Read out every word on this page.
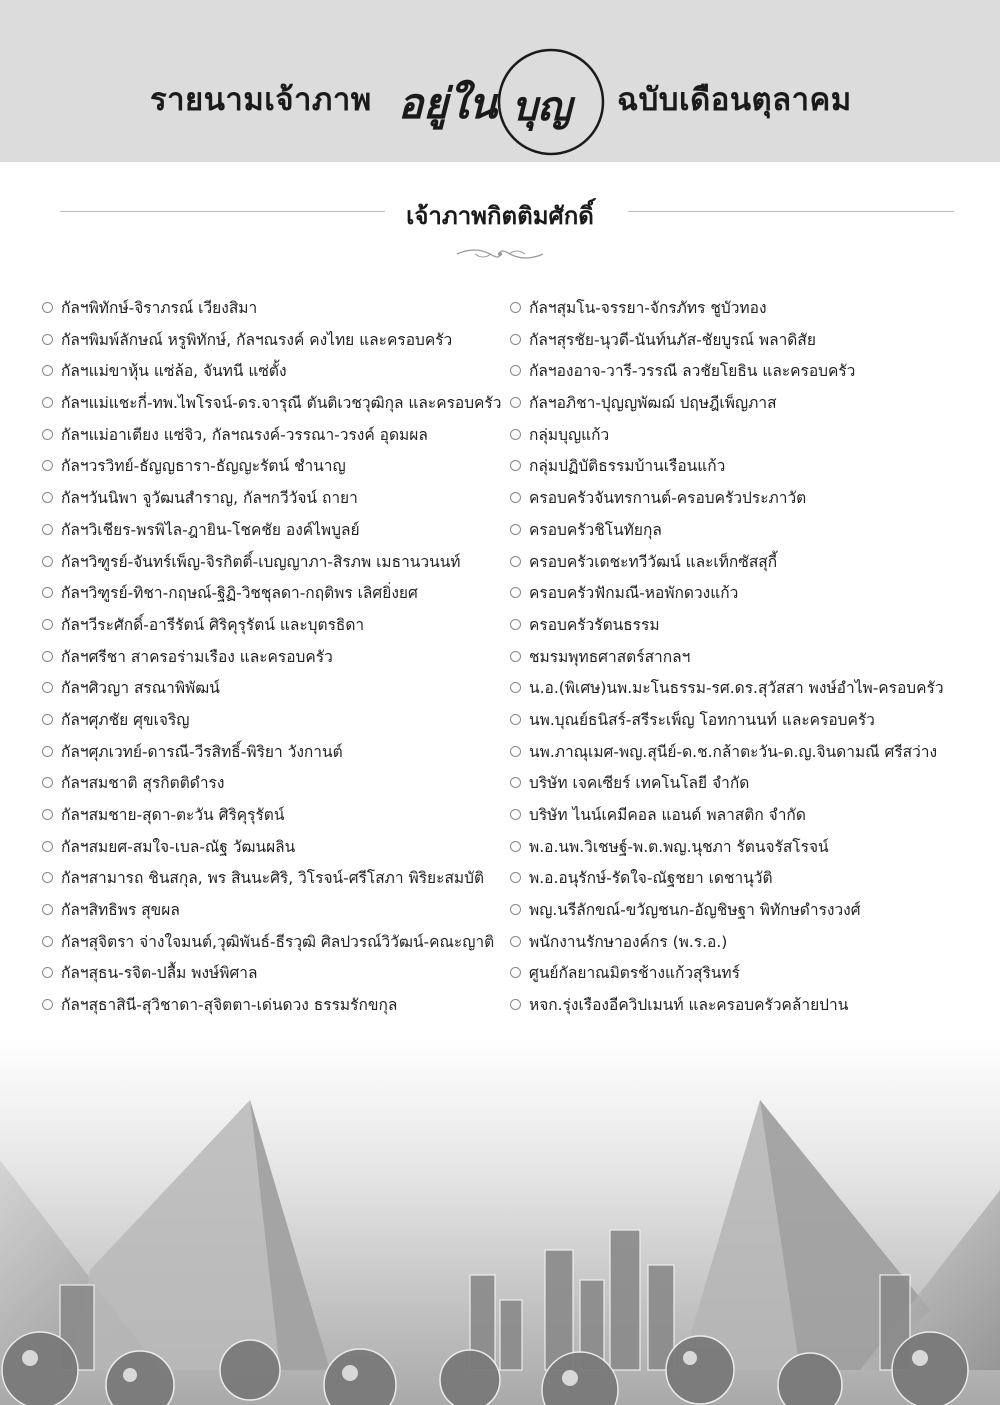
รายนามเจ้าภาพ อยู่ใน บุญ ฉบับเดือนตุลาคม
เจ้าภาพกิตติมศักดิ์
กัลฯพิทักษ์-จิราภรณ์ เวียงสิมา
กัลฯพิมพ์ลักษณ์ หรูพิทักษ์, กัลฯณรงค์ คงไทย และครอบครัว
กัลฯแม่ขาหุ้น แซ่ล้อ, จันทนี แซ่ตั้ง
กัลฯแม่แชะกี่-ทพ.ไพโรจน์-ดร.จารุณี ตันติเวชวุฒิกุล และครอบครัว
กัลฯแม่อาเตียง แซ่จิว, กัลฯณรงค์-วรรณา-วรงค์ อุดมผล
กัลฯวรวิทย์-ธัญญธารา-ธัญญะรัตน์ ชำนาญ
กัลฯวันนิพา จูวัฒนสำราญ, กัลฯกวีวัจน์ ถายา
กัลฯวิเชียร-พรพิไล-ฎายิน-โชคชัย องค์ไพบูลย์
กัลฯวิฑูรย์-จันทร์เพ็ญ-จิรกิตติ์-เบญญาภา-สิรภพ เมธานวนนท์
กัลฯวิฑูรย์-ทิชา-กฤษณ์-ฐิฏิ-วิชชุลดา-กฤติพร เลิศยิ่งยศ
กัลฯวีระศักดิ์-อารีรัตน์ ศิริคุรุรัตน์ และบุตรธิดา
กัลฯศรีชา สาครอร่ามเรือง และครอบครัว
กัลฯศิวญา สรณาพิพัฒน์
กัลฯศุภชัย ศุขเจริญ
กัลฯศุภเวทย์-ดารณี-วีรสิทธิ์-พิริยา วังกานต์
กัลฯสมชาติ สุรกิตติดำรง
กัลฯสมชาย-สุดา-ตะวัน ศิริคุรุรัตน์
กัลฯสมยศ-สมใจ-เบล-ณัฐ วัฒนผลิน
กัลฯสามารถ ชินสกุล, พร สินนะศิริ, วิโรจน์-ศรีโสภา พิริยะสมบัติ
กัลฯสิทธิพร สุขผล
กัลฯสุจิตรา จ่างใจมนต์,วุฒิพันธ์-ธีรวุฒิ ศิลปวรณ์วิวัฒน์-คณะญาติ
กัลฯสุธน-รจิต-ปลื้ม พงษ์พิศาล
กัลฯสุธาสินี-สุวิชาดา-สุจิตตา-เด่นดวง ธรรมรักขกุล
กัลฯสุมโน-จรรยา-จักรภัทร ชูบัวทอง
กัลฯสุรชัย-นุวดี-นันท์นภัส-ชัยบูรณ์ พลาดิสัย
กัลฯองอาจ-วารี-วรรณี ลวชัยโยธิน และครอบครัว
กัลฯอภิชา-ปุญญพัฒฌ์ ปฤษฎีเพ็ญภาส
กลุ่มบุญแก้ว
กลุ่มปฏิบัติธรรมบ้านเรือนแก้ว
ครอบครัวจันทรกานต์-ครอบครัวประภาวัต
ครอบครัวชิโนทัยกุล
ครอบครัวเตชะทวีวัฒน์ และเท็กซัสสุกี้
ครอบครัวฟักมณี-หอพักดวงแก้ว
ครอบครัวรัตนธรรม
ชมรมพุทธศาสตร์สากลฯ
น.อ.(พิเศษ)นพ.มะโนธรรม-รศ.ดร.สุวัสสา พงษ์อำไพ-ครอบครัว
นพ.บุณย์ธนิสร์-สรีระเพ็ญ โอทกานนท์ และครอบครัว
นพ.ภาณุเมศ-พญ.สุนีย์-ด.ช.กล้าตะวัน-ด.ญ.จินดามณี ศรีสว่าง
บริษัท เจคเซียร์ เทคโนโลยี จำกัด
บริษัท ไนน์เคมีคอล แอนด์ พลาสติก จำกัด
พ.อ.นพ.วิเชษฐ์-พ.ต.พญ.นุชภา รัตนจรัสโรจน์
พ.อ.อนุรักษ์-รัดใจ-ณัฐชยา เดชานุวัติ
พญ.นรีลักขณ์-ขวัญชนก-อัญชิษฐา พิทักษดำรงวงศ์
พนักงานรักษาองค์กร (พ.ร.อ.)
ศูนย์กัลยาณมิตรช้างแก้วสุรินทร์
หจก.รุ่งเรืองอีควิปเมนท์ และครอบครัวคล้ายปาน
